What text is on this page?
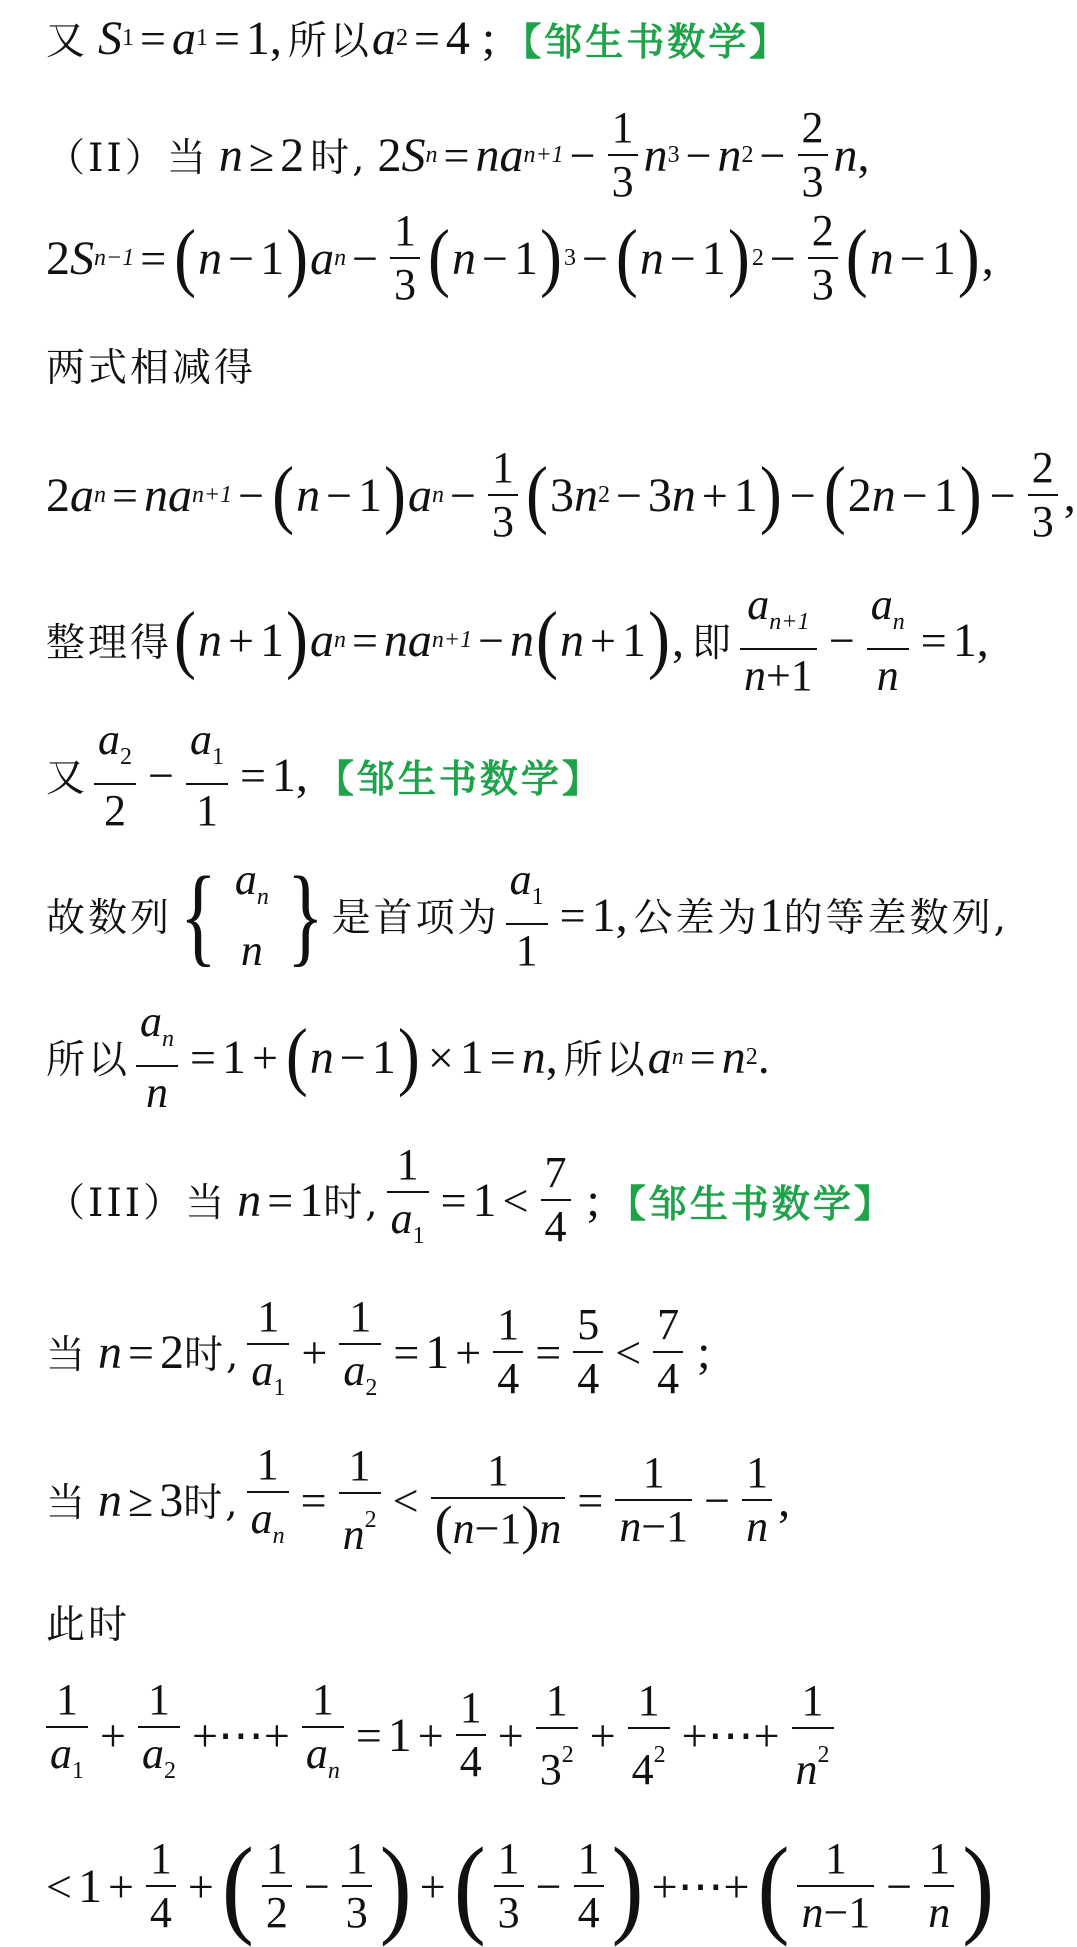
又 S 1 = a 1 = 1 , 所以 a 2 = 4 ; 【邹生书数学】
（II） 当 n ≥ 2 时, 2 S n = na $n+1 - \frac{1}{3}$ n 3 − n $2 - \frac{2}{3}$ n ,
2 S n−1 = ( n − 1 ) a $n - \frac{1}{3}$ ( n − 1 ) 3 − ( n − 1 ) $2 - \frac{2}{3}$ ( n − 1 ) ,
两式相减得
2 a n = na n+1 − ( n − 1 ) a $n - \frac{1}{3}$ ( 3 n 2 − 3 n + 1 ) − ( 2 n − 1 ) − $\frac{2}{3}$ ,
整理得 ( n + 1 ) a n = na n+1 − n ( n + 1 ) , 即 $\frac{a_{n+1}}{n+1} - \frac{a_n}{n} = 1$ ,
又 $\frac{a_2}{2} - \frac{a_1}{1} = 1$ , 【邹生书数学】
故数列 { $a_n$
n } 是首项为 $\frac{a_1}{1} = 1$ , 公差为 1 的等差数列,
所以 $\frac{a_n}{n} = 1$ + ( n − 1 ) × 1 = n , 所以 a n = n 2 .
（III） 当 n = 1 时, $\frac{1}{a_1} = 1 < \frac{7}{4}$ ; 【邹生书数学】
当 n = 2 时, $\frac{1}{a_1} + \frac{1}{a_2} = 1 + \frac{1}{4} = \frac{5}{4} < \frac{7}{4}$ ;
当 n ≥ 3 时, $\frac{1}{a_n} = \frac{1}{n^2} < \frac{1}{(n-1)n} = \frac{1}{n-1} - \frac{1}{n}$ ,
此时
$\frac{1}{a_1} + \frac{1}{a_2}$ +⋯+ $\frac{1}{a_n} = 1 + \frac{1}{4} + \frac{1}{3^2} + \frac{1}{4^2}$ +⋯+ $\frac{1}{n^2}$
< $1 + \frac{1}{4}$ + ( $\frac{1}{2} - \frac{1}{3}$ ) + ( $\frac{1}{3} - \frac{1}{4}$ ) +⋯+ ( $\frac{1}{n-1} - \frac{1}{n}$ )
